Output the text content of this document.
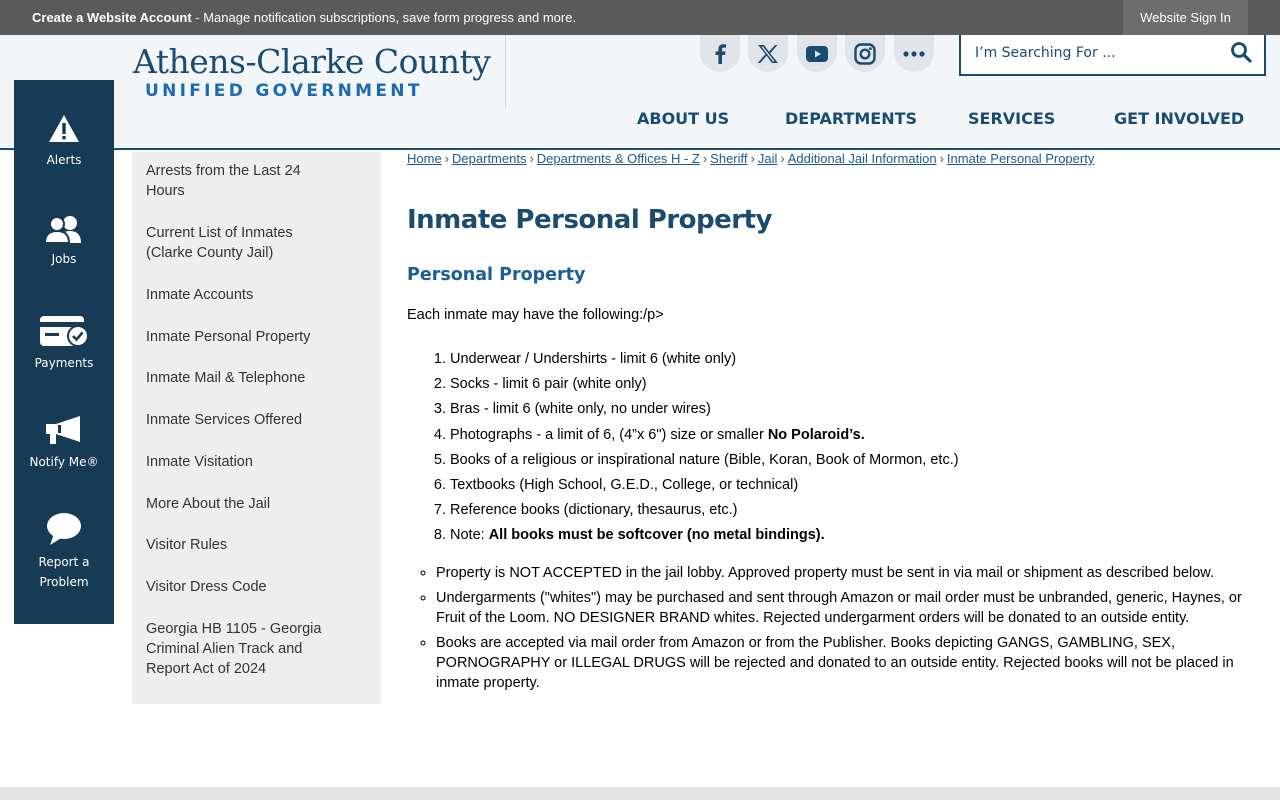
Create a Website Account - Manage notification subscriptions, save form progress and more.	Website Sign In
Athens-Clarke County
UNIFIED GOVERNMENT
I’m Searching For ...
ABOUT US	DEPARTMENTS	SERVICES	GET INVOLVED
Alerts
Jobs
Payments
Notify Me®
Report a Problem
Arrests from the Last 24 Hours
Current List of Inmates (Clarke County Jail)
Inmate Accounts
Inmate Personal Property
Inmate Mail & Telephone
Inmate Services Offered
Inmate Visitation
More About the Jail
Visitor Rules
Visitor Dress Code
Georgia HB 1105 - Georgia Criminal Alien Track and Report Act of 2024
Home › Departments › Departments & Offices H - Z › Sheriff › Jail › Additional Jail Information › Inmate Personal Property
Inmate Personal Property
Personal Property

Each inmate may have the following:/p>

1. Underwear / Undershirts - limit 6 (white only)
2. Socks - limit 6 pair (white only)
3. Bras - limit 6 (white only, no under wires)
4. Photographs - a limit of 6, (4”x 6") size or smaller No Polaroid’s.
5. Books of a religious or inspirational nature (Bible, Koran, Book of Mormon, etc.)
6. Textbooks (High School, G.E.D., College, or technical)
7. Reference books (dictionary, thesaurus, etc.)
8. Note: All books must be softcover (no metal bindings).
◦ Property is NOT ACCEPTED in the jail lobby. Approved property must be sent in via mail or shipment as described below.
◦ Undergarments ("whites") may be purchased and sent through Amazon or mail order must be unbranded, generic, Haynes, or Fruit of the Loom. NO DESIGNER BRAND whites. Rejected undergarment orders will be donated to an outside entity.
◦ Books are accepted via mail order from Amazon or from the Publisher. Books depicting GANGS, GAMBLING, SEX, PORNOGRAPHY or ILLEGAL DRUGS will be rejected and donated to an outside entity. Rejected books will not be placed in inmate property.
